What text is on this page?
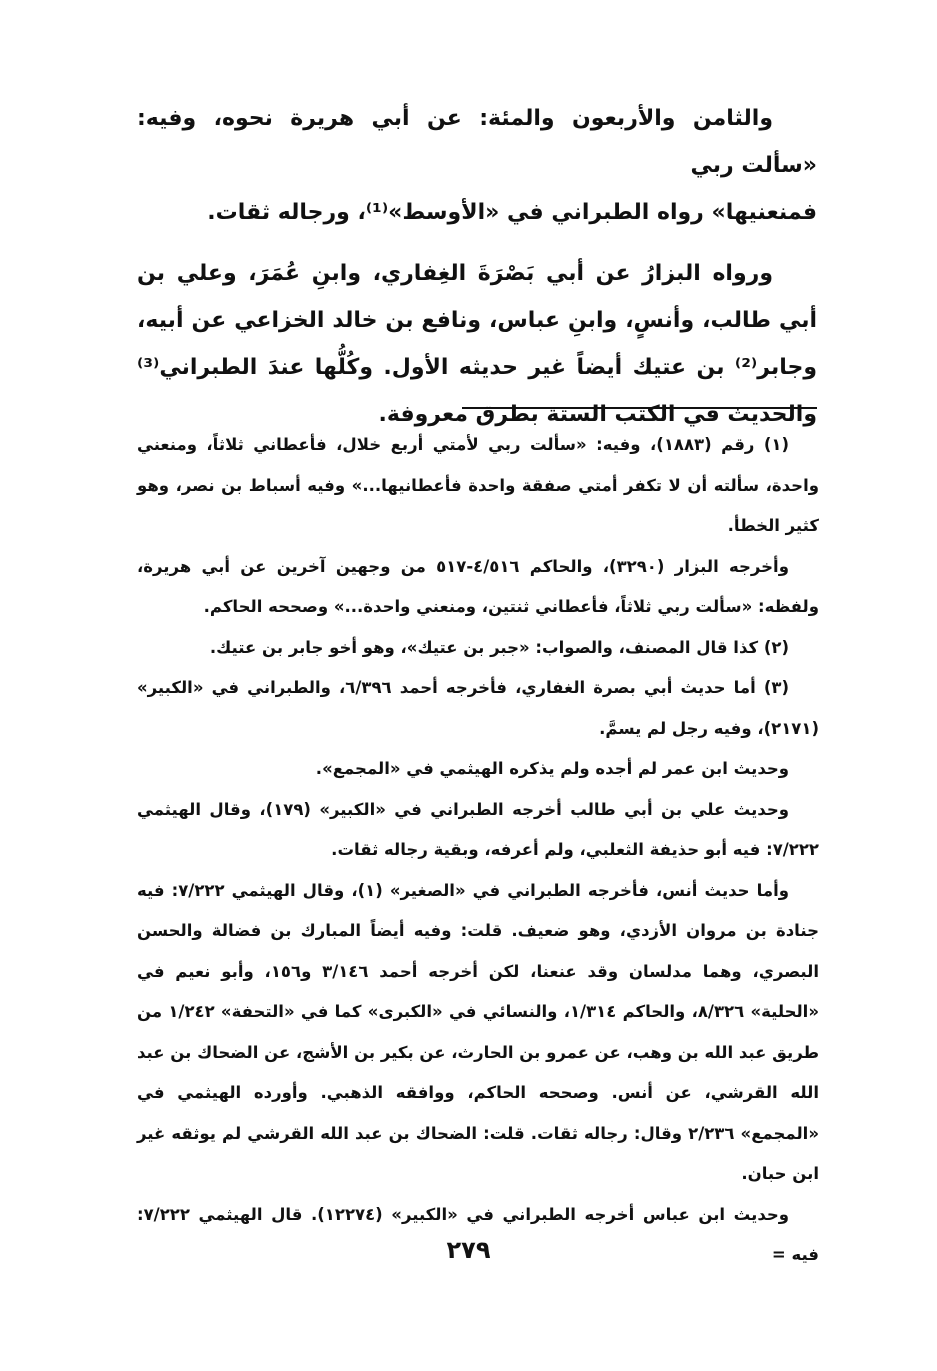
والثامن والأربعون والمئة: عن أبي هريرة نحوه، وفيه: «سألت ربي

فمنعنيها» رواه الطبراني في «الأوسط»⁽¹⁾، ورجاله ثقات.

ورواه البزارُ عن أبي بَصْرَةَ الغِفاري، وابنِ عُمَرَ، وعلي بن أبي طالب، وأنسٍ، وابنِ عباس، ونافع بن خالد الخزاعي عن أبيه، وجابر⁽²⁾ بن عتيك أيضاً غير حديثه الأول. وكُلُّها عندَ الطبراني⁽³⁾ والحديث في الكتب الستة بطرق معروفة.

(١) رقم (١٨٨٣)، وفيه: «سألت ربي لأمتي أربع خلال، فأعطاني ثلاثاً، ومنعني واحدة، سألته أن لا تكفر أمتي صفقة واحدة فأعطانيها...» وفيه أسباط بن نصر، وهو كثير الخطأ.

وأخرجه البزار (٣٢٩٠)، والحاكم ٤/٥١٦-٥١٧ من وجهين آخرين عن أبي هريرة، ولفظه: «سألت ربي ثلاثاً، فأعطاني ثنتين، ومنعني واحدة...» وصححه الحاكم.

(٢) كذا قال المصنف، والصواب: «جبر بن عتيك»، وهو أخو جابر بن عتيك.

(٣) أما حديث أبي بصرة الغفاري، فأخرجه أحمد ٦/٣٩٦، والطبراني في «الكبير» (٢١٧١)، وفيه رجل لم يسمَّ.

وحديث ابن عمر لم أجده ولم يذكره الهيثمي في «المجمع».

وحديث علي بن أبي طالب أخرجه الطبراني في «الكبير» (١٧٩)، وقال الهيثمي ٧/٢٢٢: فيه أبو حذيفة الثعلبي، ولم أعرفه، وبقية رجاله ثقات.

وأما حديث أنس، فأخرجه الطبراني في «الصغير» (١)، وقال الهيثمي ٧/٢٢٢: فيه جنادة بن مروان الأزدي، وهو ضعيف. قلت: وفيه أيضاً المبارك بن فضالة والحسن البصري، وهما مدلسان وقد عنعنا، لكن أخرجه أحمد ٣/١٤٦ و١٥٦، وأبو نعيم في «الحلية» ٨/٣٢٦، والحاكم ١/٣١٤، والنسائي في «الكبرى» كما في «التحفة» ١/٢٤٢ من طريق عبد الله بن وهب، عن عمرو بن الحارث، عن بكير بن الأشج، عن الضحاك بن عبد الله القرشي، عن أنس. وصححه الحاكم، ووافقه الذهبي. وأورده الهيثمي في «المجمع» ٢/٢٣٦ وقال: رجاله ثقات. قلت: الضحاك بن عبد الله القرشي لم يوثقه غير ابن حبان.

وحديث ابن عباس أخرجه الطبراني في «الكبير» (١٢٢٧٤). قال الهيثمي ٧/٢٢٢: فيه =

٢٧٩
